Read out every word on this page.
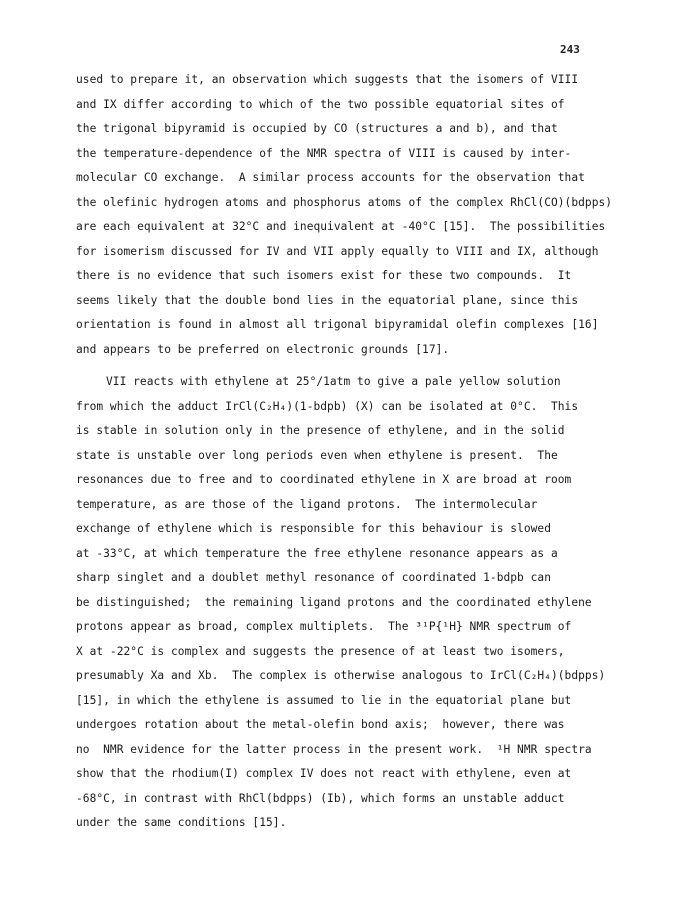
243
used to prepare it, an observation which suggests that the isomers of VIII
and IX differ according to which of the two possible equatorial sites of
the trigonal bipyramid is occupied by CO (structures a and b), and that
the temperature-dependence of the NMR spectra of VIII is caused by inter-
molecular CO exchange.  A similar process accounts for the observation that
the olefinic hydrogen atoms and phosphorus atoms of the complex RhCl(CO)(bdpps)
are each equivalent at 32°C and inequivalent at -40°C [15].  The possibilities
for isomerism discussed for IV and VII apply equally to VIII and IX, although
there is no evidence that such isomers exist for these two compounds.  It
seems likely that the double bond lies in the equatorial plane, since this
orientation is found in almost all trigonal bipyramidal olefin complexes [16]
and appears to be preferred on electronic grounds [17].
VII reacts with ethylene at 25°/1atm to give a pale yellow solution
from which the adduct IrCl(C₂H₄)(1-bdpb) (X) can be isolated at 0°C.  This
is stable in solution only in the presence of ethylene, and in the solid
state is unstable over long periods even when ethylene is present.  The
resonances due to free and to coordinated ethylene in X are broad at room
temperature, as are those of the ligand protons.  The intermolecular
exchange of ethylene which is responsible for this behaviour is slowed
at -33°C, at which temperature the free ethylene resonance appears as a
sharp singlet and a doublet methyl resonance of coordinated 1-bdpb can
be distinguished;  the remaining ligand protons and the coordinated ethylene
protons appear as broad, complex multiplets.  The ³¹P{¹H} NMR spectrum of
X at -22°C is complex and suggests the presence of at least two isomers,
presumably Xa and Xb.  The complex is otherwise analogous to IrCl(C₂H₄)(bdpps)
[15], in which the ethylene is assumed to lie in the equatorial plane but
undergoes rotation about the metal-olefin bond axis;  however, there was
no  NMR evidence for the latter process in the present work.  ¹H NMR spectra
show that the rhodium(I) complex IV does not react with ethylene, even at
-68°C, in contrast with RhCl(bdpps) (Ib), which forms an unstable adduct
under the same conditions [15].
